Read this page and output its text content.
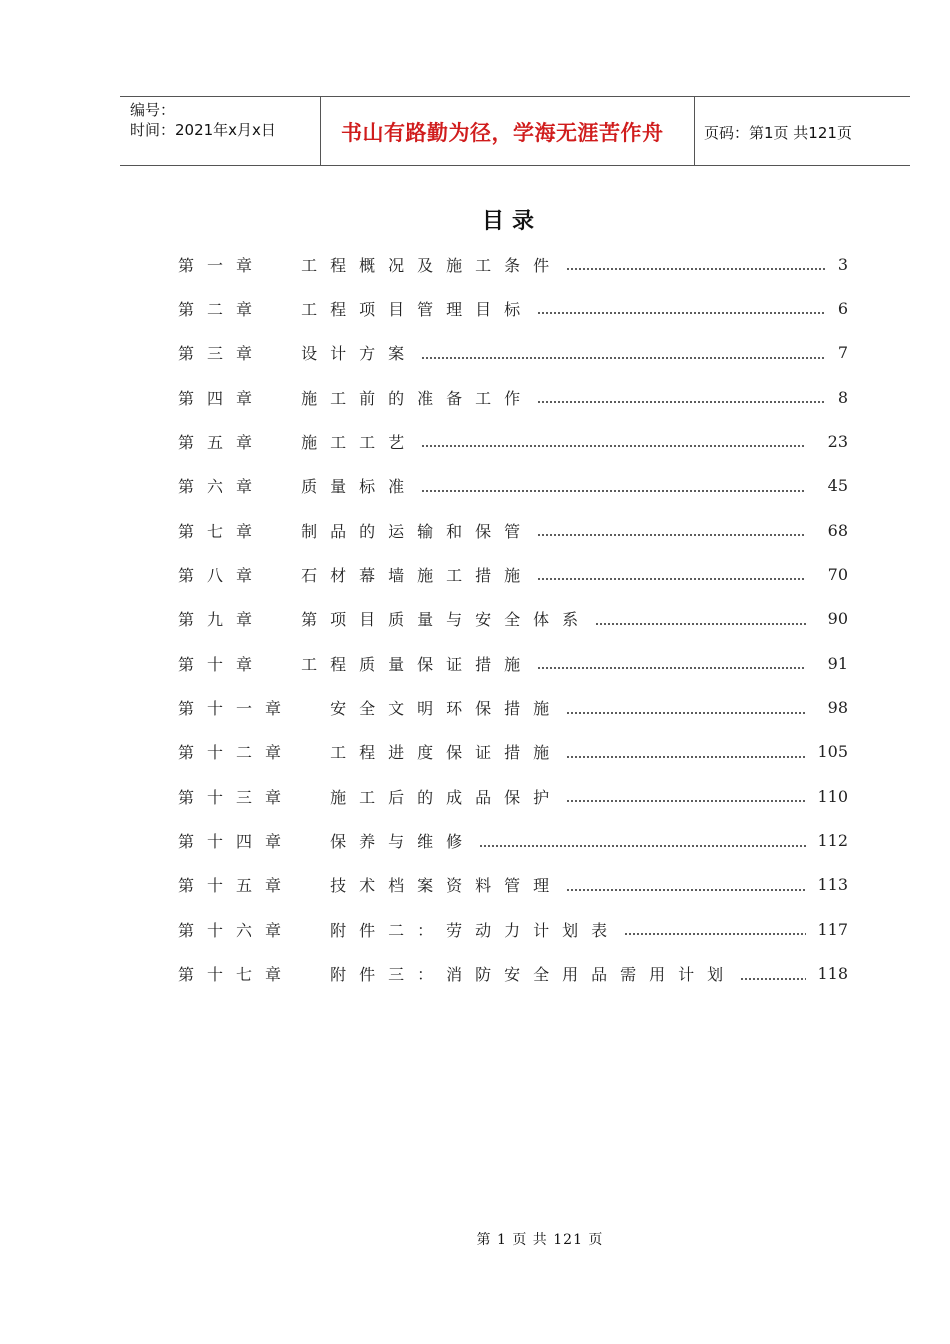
编号：
时间：2021年x月x日	书山有路勤为径，学海无涯苦作舟	页码：第1页 共121页
目录
第一章  工程概况及施工条件	3
第二章  工程项目管理目标	6
第三章  设计方案	7
第四章  施工前的准备工作	8
第五章  施工工艺	23
第六章  质量标准	45
第七章  制品的运输和保管	68
第八章  石材幕墙施工措施	70
第九章  第项目质量与安全体系	90
第十章  工程质量保证措施	91
第十一章  安全文明环保措施	98
第十二章  工程进度保证措施	105
第十三章  施工后的成品保护	110
第十四章  保养与维修	112
第十五章  技术档案资料管理	113
第十六章  附件二：劳动力计划表	117
第十七章  附件三：消防安全用品需用计划	118
第 1 页 共 121 页
